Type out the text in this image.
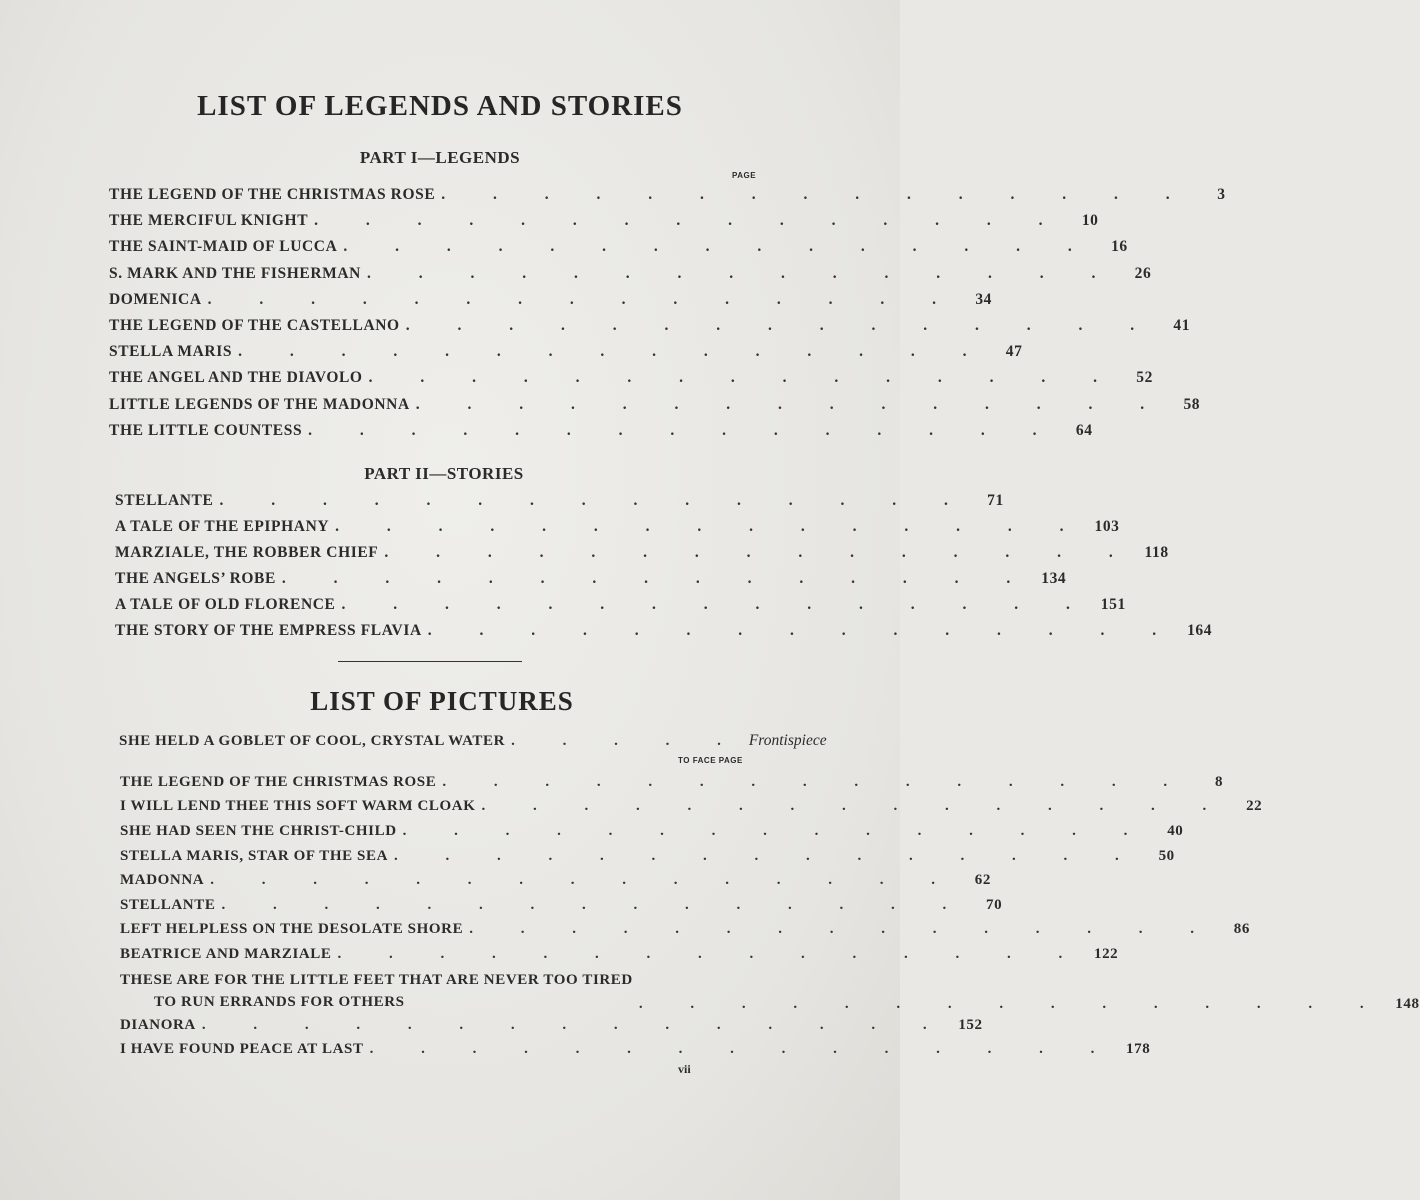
LIST OF LEGENDS AND STORIES
PART I—LEGENDS
PAGE
THE LEGEND OF THE CHRISTMAS ROSE . . . . . . . . . . . . . . .	3
THE MERCIFUL KNIGHT . . . . . . . . . . . . . . .	10
THE SAINT-MAID OF LUCCA . . . . . . . . . . . . . . .	16
S. MARK AND THE FISHERMAN . . . . . . . . . . . . . . .	26
DOMENICA . . . . . . . . . . . . . . .	34
THE LEGEND OF THE CASTELLANO . . . . . . . . . . . . . . .	41
STELLA MARIS . . . . . . . . . . . . . . .	47
THE ANGEL AND THE DIAVOLO . . . . . . . . . . . . . . .	52
LITTLE LEGENDS OF THE MADONNA . . . . . . . . . . . . . . .	58
THE LITTLE COUNTESS . . . . . . . . . . . . . . .	64
PART II—STORIES
STELLANTE . . . . . . . . . . . . . . .	71
A TALE OF THE EPIPHANY . . . . . . . . . . . . . . . 103
MARZIALE, THE ROBBER CHIEF . . . . . . . . . . . . . . . 118
THE ANGELS’ ROBE . . . . . . . . . . . . . . . 134
A TALE OF OLD FLORENCE . . . . . . . . . . . . . . . 151
THE STORY OF THE EMPRESS FLAVIA . . . . . . . . . . . . . . . 164
LIST OF PICTURES
SHE HELD A GOBLET OF COOL, CRYSTAL WATER . . . . . Frontispiece
TO FACE PAGE
THE LEGEND OF THE CHRISTMAS ROSE . . . . . . . . . . . . . . .	8
I WILL LEND THEE THIS SOFT WARM CLOAK . . . . . . . . . . . . . . .	22
SHE HAD SEEN THE CHRIST-CHILD . . . . . . . . . . . . . . .	40
STELLA MARIS, STAR OF THE SEA . . . . . . . . . . . . . . .	50
MADONNA . . . . . . . . . . . . . . .	62
STELLANTE . . . . . . . . . . . . . . .	70
LEFT HELPLESS ON THE DESOLATE SHORE . . . . . . . . . . . . . . .	86
BEATRICE AND MARZIALE . . . . . . . . . . . . . . . 122
THESE ARE FOR THE LITTLE FEET THAT ARE NEVER TOO TIRED
TO RUN ERRANDS FOR OTHERS	. . . . . . . . . . . . . . . 148
DIANORA . . . . . . . . . . . . . . . 152
I HAVE FOUND PEACE AT LAST . . . . . . . . . . . . . . . 178
vii
